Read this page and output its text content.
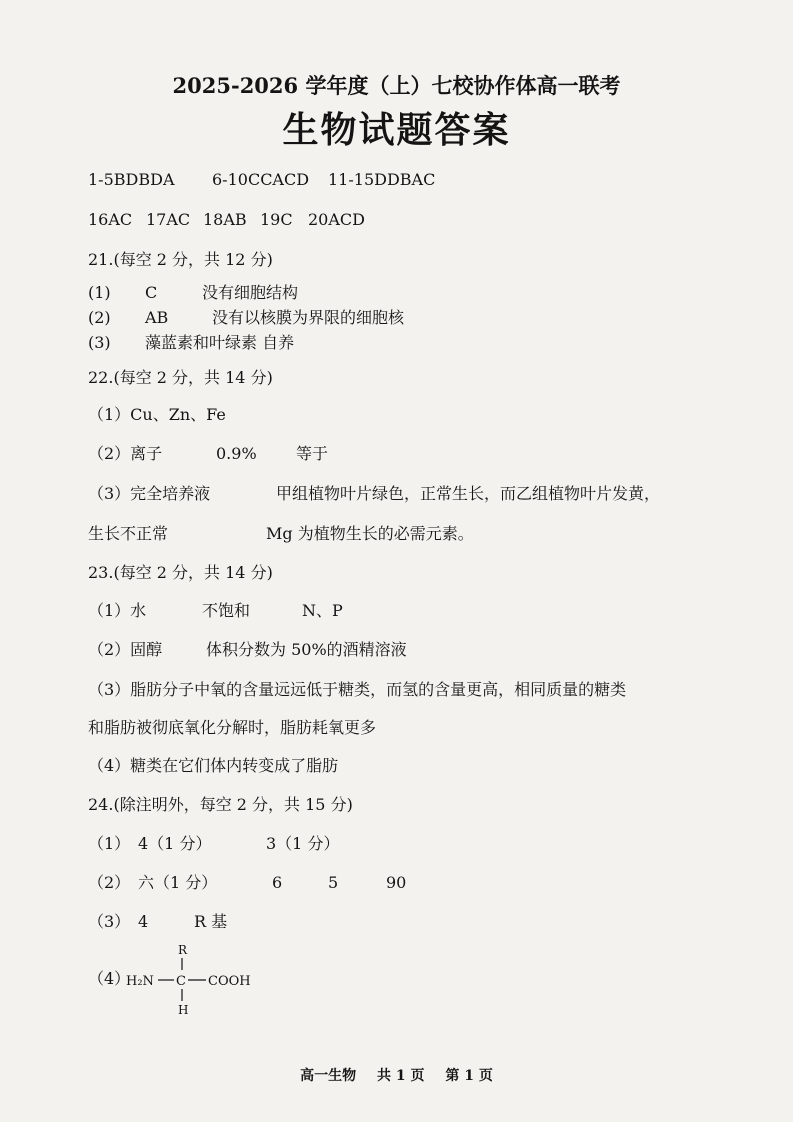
2025-2026 学年度（上）七校协作体高一联考
生物试题答案
1-5BDBDA 6-10CCACD 11-15DDBAC
16AC 17AC 18AB 19C 20ACD
21.(每空 2 分，共 12 分)
(1) C	没有细胞结构
(2) AB	没有以核膜为界限的细胞核
(3) 藻蓝素和叶绿素 自养
22.(每空 2 分，共 14 分)
（1）Cu、Zn、Fe
（2）离子	0.9% 等于
（3）完全培养液	甲组植物叶片绿色，正常生长，而乙组植物叶片发黄，
生长不正常	Mg 为植物生长的必需元素。
23.(每空 2 分，共 14 分)
（1）水	不饱和	N、P
（2）固醇	体积分数为 50%的酒精溶液
（3）脂肪分子中氧的含量远远低于糖类，而氢的含量更高，相同质量的糖类
和脂肪被彻底氧化分解时，脂肪耗氧更多
（4）糖类在它们体内转变成了脂肪
24.(除注明外，每空 2 分，共 15 分)
（1） 4（1 分）	3（1 分）
（2） 六（1 分）	6	5	90
（3） 4	R 基
（4）
H₂N C COOH
R
H
高一生物 共 1 页 第 1 页
